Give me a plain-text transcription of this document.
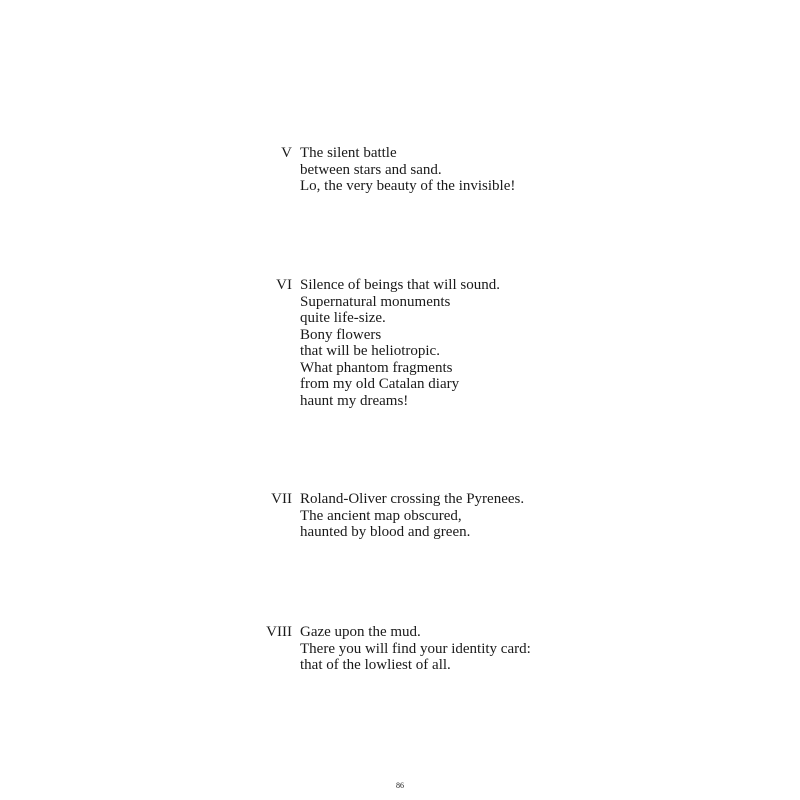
V The silent battle
between stars and sand.
Lo, the very beauty of the invisible!
VI Silence of beings that will sound.
Supernatural monuments
quite life-size.
Bony flowers
that will be heliotropic.
What phantom fragments
from my old Catalan diary
haunt my dreams!
VII Roland-Oliver crossing the Pyrenees.
The ancient map obscured,
haunted by blood and green.
VIII Gaze upon the mud.
There you will find your identity card:
that of the lowliest of all.
86
